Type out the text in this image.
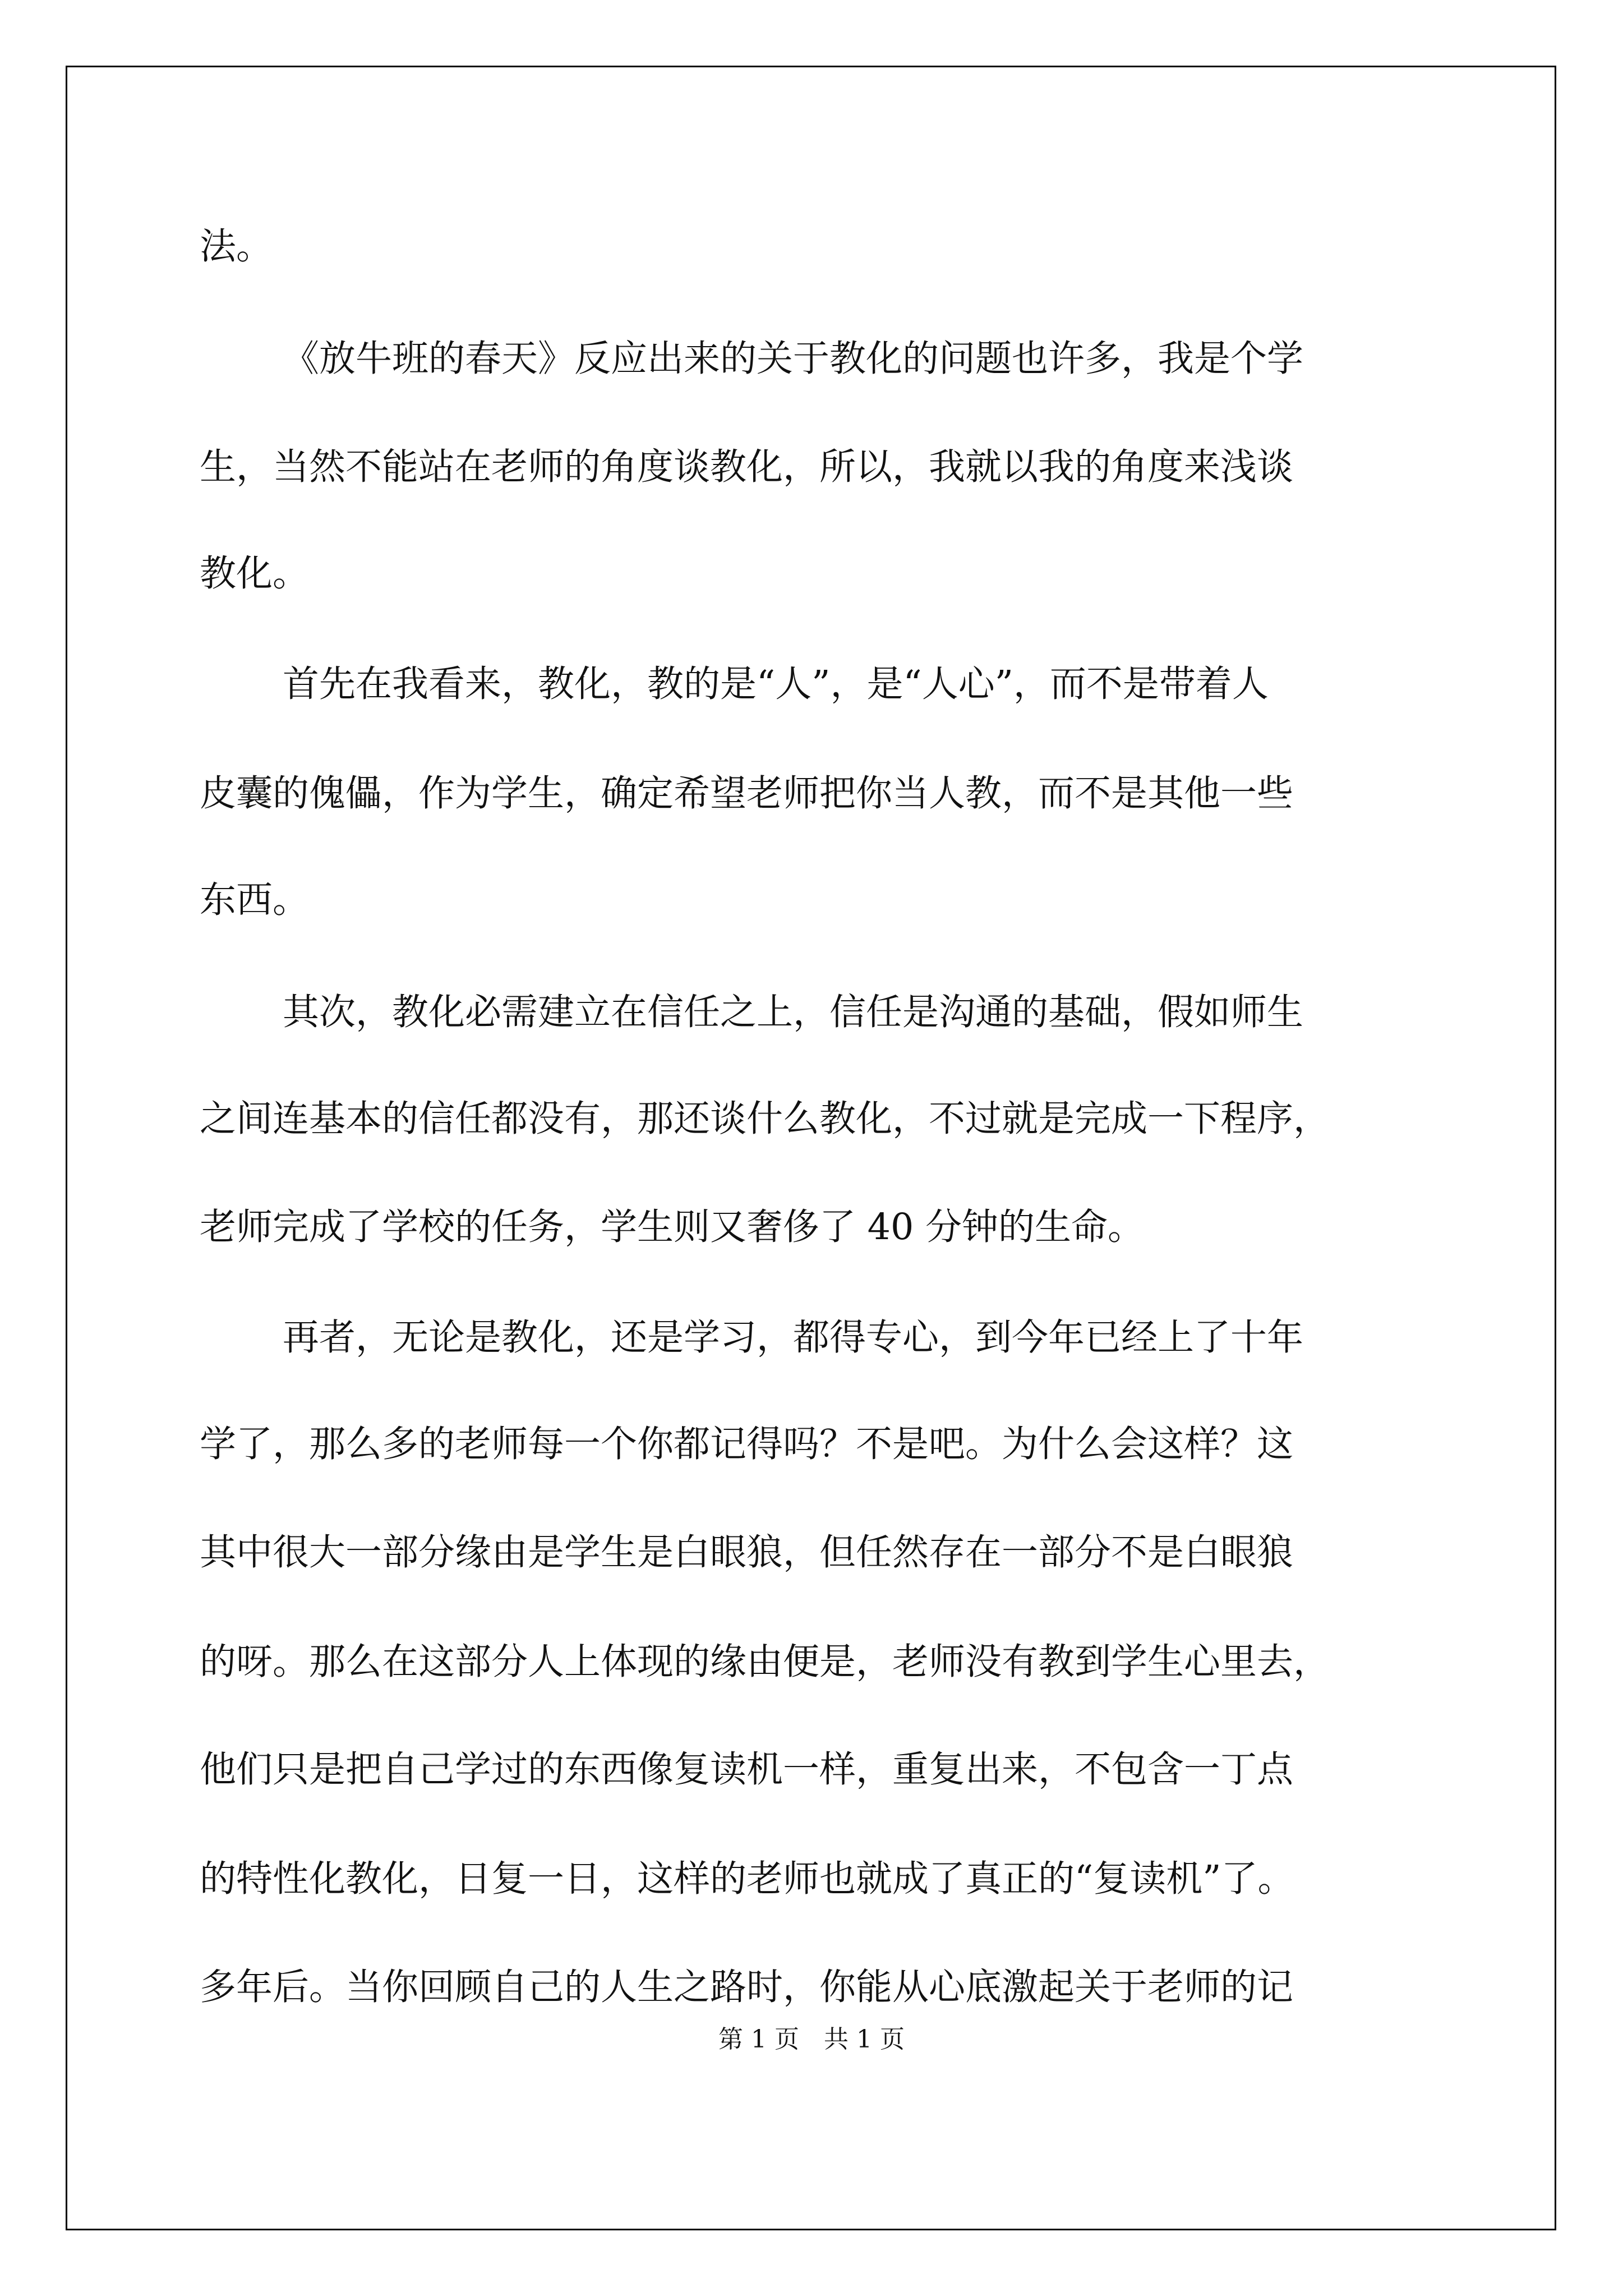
法。
《放牛班的春天》反应出来的关于教化的问题也许多，我是个学
生，当然不能站在老师的角度谈教化，所以，我就以我的角度来浅谈
教化。
首先在我看来，教化，教的是“人”，是“人心”，而不是带着人
皮囊的傀儡，作为学生，确定希望老师把你当人教，而不是其他一些
东西。
其次，教化必需建立在信任之上，信任是沟通的基础，假如师生
之间连基本的信任都没有，那还谈什么教化，不过就是完成一下程序，
老师完成了学校的任务，学生则又奢侈了 40 分钟的生命。
再者，无论是教化，还是学习，都得专心，到今年已经上了十年
学了，那么多的老师每一个你都记得吗？不是吧。为什么会这样？这
其中很大一部分缘由是学生是白眼狼，但任然存在一部分不是白眼狼
的呀。那么在这部分人上体现的缘由便是，老师没有教到学生心里去，
他们只是把自己学过的东西像复读机一样，重复出来，不包含一丁点
的特性化教化，日复一日，这样的老师也就成了真正的“复读机”了。
多年后。当你回顾自己的人生之路时，你能从心底激起关于老师的记
第 1 页　共 1 页
